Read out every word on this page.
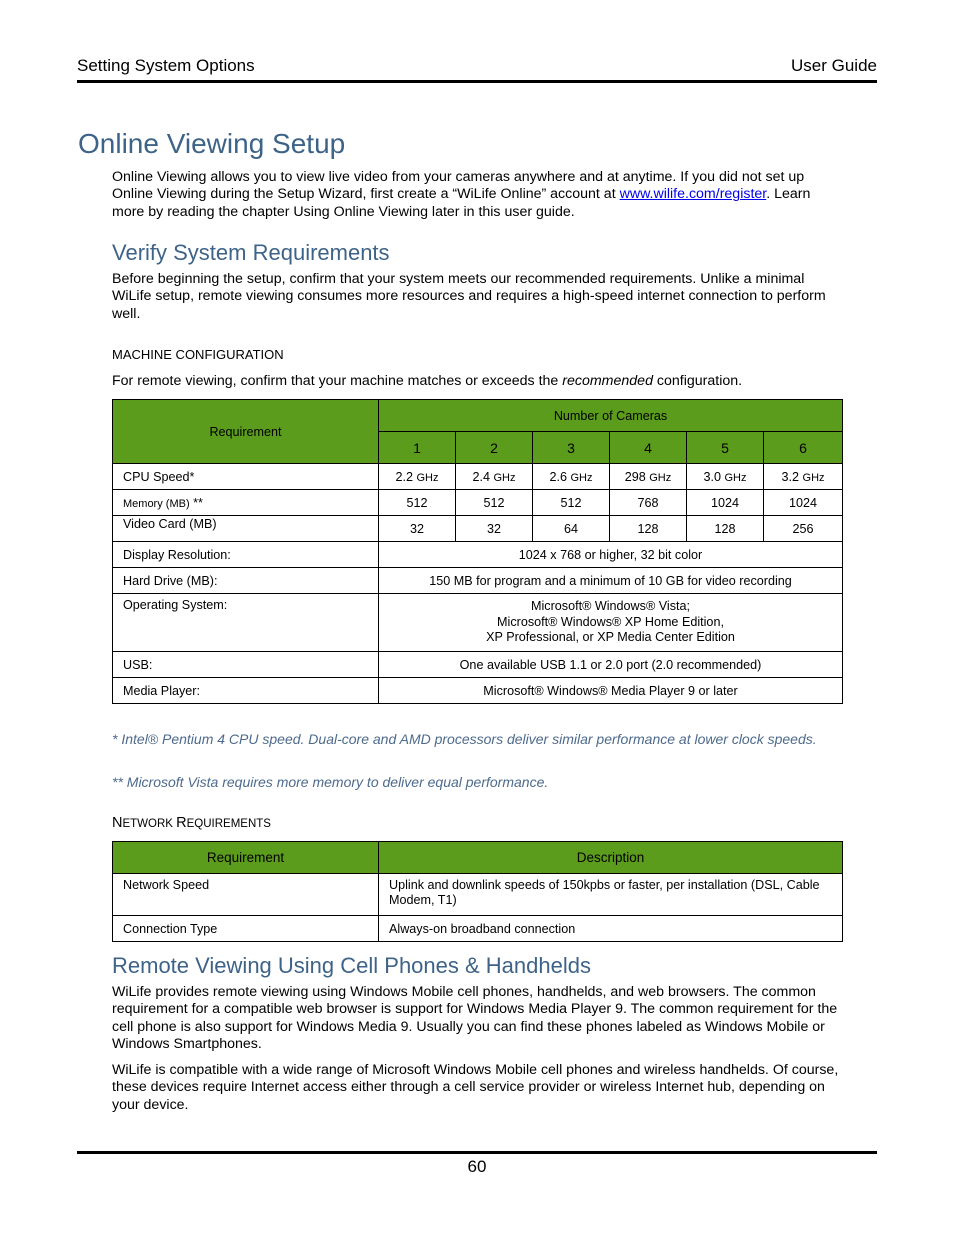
Setting System Options	User Guide
Online Viewing Setup

Online Viewing allows you to view live video from your cameras anywhere and at anytime. If you did not set up Online Viewing during the Setup Wizard, first create a “WiLife Online” account at www.wilife.com/register. Learn more by reading the chapter Using Online Viewing later in this user guide.

Verify System Requirements

Before beginning the setup, confirm that your system meets our recommended requirements. Unlike a minimal WiLife setup, remote viewing consumes more resources and requires a high-speed internet connection to perform well.

MACHINE CONFIGURATION

For remote viewing, confirm that your machine matches or exceeds the recommended configuration.

Requirement	Number of Cameras					
	1	2	3	4	5	6
CPU Speed*	2.2 GHz	2.4 GHz	2.6 GHz	298 GHz	3.0 GHz	3.2 GHz
Memory (MB) **	512	512	512	768	1024	1024
Video Card (MB)	32	32	64	128	128	256
Display Resolution:	1024 x 768 or higher, 32 bit color					
Hard Drive (MB):	150 MB for program and a minimum of 10 GB for video recording					
Operating System:	Microsoft® Windows® Vista;
Microsoft® Windows® XP Home Edition,
XP Professional, or XP Media Center Edition					

USB:	One available USB 1.1 or 2.0 port (2.0 recommended)					
Media Player:	Microsoft® Windows® Media Player 9 or later					
* Intel® Pentium 4 CPU speed. Dual-core and AMD processors deliver similar performance at lower clock speeds.
** Microsoft Vista requires more memory to deliver equal performance.
NETWORK REQUIREMENTS
Requirement	Description
Network Speed	Uplink and downlink speeds of 150kpbs or faster, per installation (DSL, Cable Modem, T1)
Connection Type	Always-on broadband connection
Remote Viewing Using Cell Phones & Handhelds

WiLife provides remote viewing using Windows Mobile cell phones, handhelds, and web browsers. The common requirement for a compatible web browser is support for Windows Media Player 9. The common requirement for the cell phone is also support for Windows Media 9. Usually you can find these phones labeled as Windows Mobile or Windows Smartphones.

WiLife is compatible with a wide range of Microsoft Windows Mobile cell phones and wireless handhelds. Of course, these devices require Internet access either through a cell service provider or wireless Internet hub, depending on your device.

60
